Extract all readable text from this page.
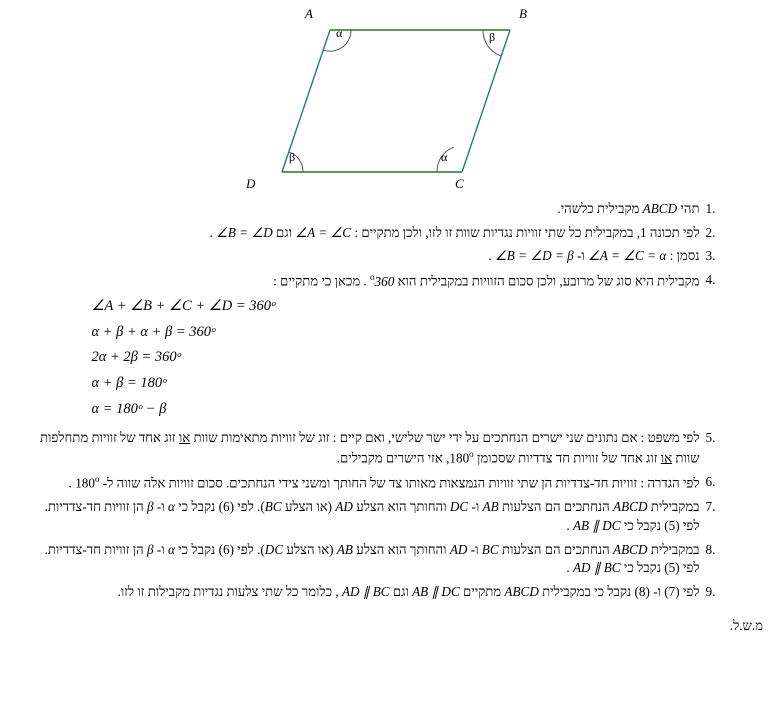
A	B
C
D
α	β
β	α
1.
תהי ABCD מקבילית כלשהי.
2.
לפי תכונה 1, במקבילית כל שתי זוויות נגדיות שוות זו לזו, ולכן מתקיים : ∠A = ∠C וגם ∠B = ∠D .
3.
נסמן : ∠A = ∠C = α ו- ∠B = ∠D = β .
4.
מקבילית היא סוג של מרובע, ולכן סכום הזוויות במקבילית הוא 360$^o$ . מכאן כי מתקיים :
∠A + ∠B + ∠C + ∠D = 360ᵒ
α + β + α + β = 360ᵒ
2α + 2β = 360ᵒ
α + β = 180ᵒ
α = 180ᵒ − β
5.
לפי משפט : אם נתונים שני ישרים הנחתכים על ידי ישר שלישי, ואם קיים : זוג של זוויות מתאימות שוות או זוג אחד של זוויות מתחלפות שוות או זוג אחד של זוויות חד צדדיות שסכומן 180$^o$, אזי הישרים מקבילים.
6.
לפי הגדרה : זוויות חד-צדדיות הן שתי זוויות הנמצאות מאותו צד של החותך ומשני צידי הנחתכים. סכום זוויות אלה שווה ל- 180$^o$ .
7.
במקבילית ABCD הנחתכים הם הצלעות AB ו- DC והחותך הוא הצלע AD (או הצלע BC). לפי (6) נקבל כי α ו- β הן זוויות חד-צדדיות. לפי (5) נקבל כי AB ∥ DC .
8.
במקבילית ABCD הנחתכים הם הצלעות BC ו- AD והחותך הוא הצלע AB (או הצלע DC). לפי (6) נקבל כי α ו- β הן זוויות חד-צדדיות. לפי (5) נקבל כי AD ∥ BC .
9.
לפי (7) ו- (8) נקבל כי במקבילית ABCD מתקיים AB ∥ DC וגם AD ∥ BC , כלומר כל שתי צלעות נגדיות מקבילות זו לזו.
מ.ש.ל.
